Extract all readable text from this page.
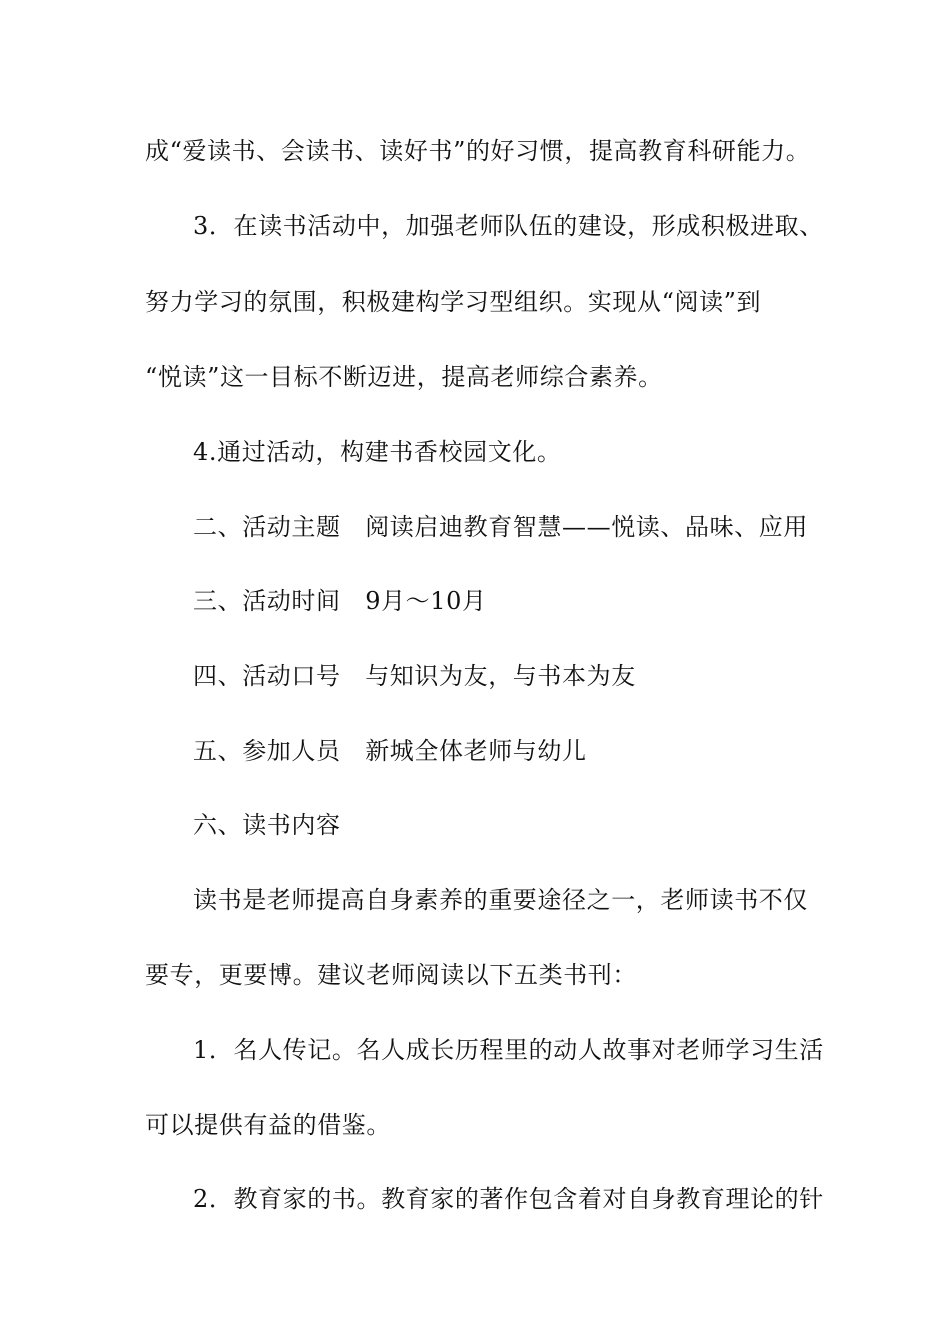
成“爱读书、会读书、读好书”的好习惯，提高教育科研能力。
3．在读书活动中，加强老师队伍的建设，形成积极进取、
努力学习的氛围，积极建构学习型组织。实现从“阅读”到
“悦读”这一目标不断迈进，提高老师综合素养。
4.通过活动，构建书香校园文化。
二、活动主题　阅读启迪教育智慧——悦读、品味、应用
三、活动时间　9月～10月
四、活动口号　与知识为友，与书本为友
五、参加人员　新城全体老师与幼儿
六、读书内容
读书是老师提高自身素养的重要途径之一，老师读书不仅
要专，更要博。建议老师阅读以下五类书刊：
1．名人传记。名人成长历程里的动人故事对老师学习生活
可以提供有益的借鉴。
2．教育家的书。教育家的著作包含着对自身教育理论的针
